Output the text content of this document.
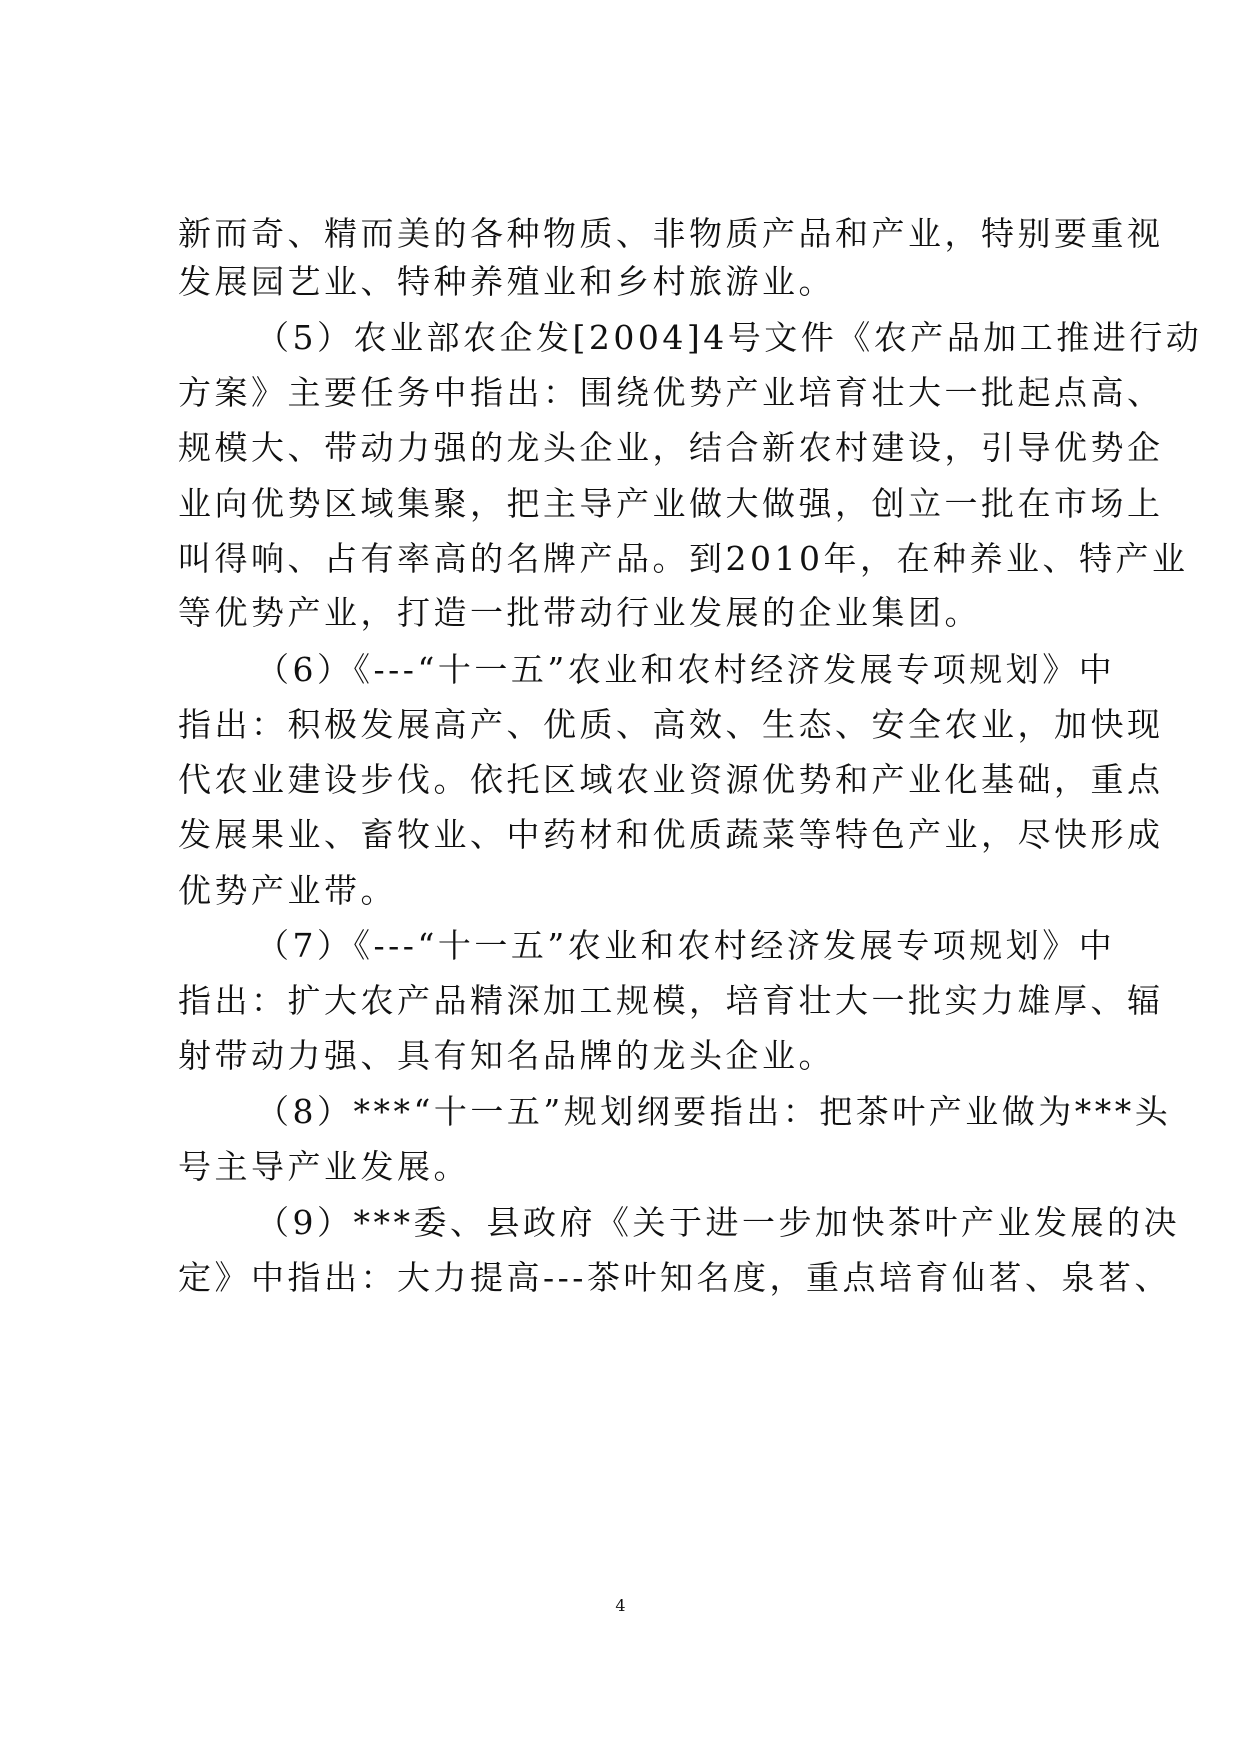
新而奇、精而美的各种物质、非物质产品和产业，特别要重视
发展园艺业、特种养殖业和乡村旅游业。
（5）农业部农企发[2004]4号文件《农产品加工推进行动
方案》主要任务中指出：围绕优势产业培育壮大一批起点高、
规模大、带动力强的龙头企业，结合新农村建设，引导优势企
业向优势区域集聚，把主导产业做大做强，创立一批在市场上
叫得响、占有率高的名牌产品。到2010年，在种养业、特产业
等优势产业，打造一批带动行业发展的企业集团。
（6）《---“十一五”农业和农村经济发展专项规划》中
指出：积极发展高产、优质、高效、生态、安全农业，加快现
代农业建设步伐。依托区域农业资源优势和产业化基础，重点
发展果业、畜牧业、中药材和优质蔬菜等特色产业，尽快形成
优势产业带。
（7）《---“十一五”农业和农村经济发展专项规划》中
指出：扩大农产品精深加工规模，培育壮大一批实力雄厚、辐
射带动力强、具有知名品牌的龙头企业。
（8）***“十一五”规划纲要指出：把茶叶产业做为***头
号主导产业发展。
（9）***委、县政府《关于进一步加快茶叶产业发展的决
定》中指出：大力提高---茶叶知名度，重点培育仙茗、泉茗、
4
